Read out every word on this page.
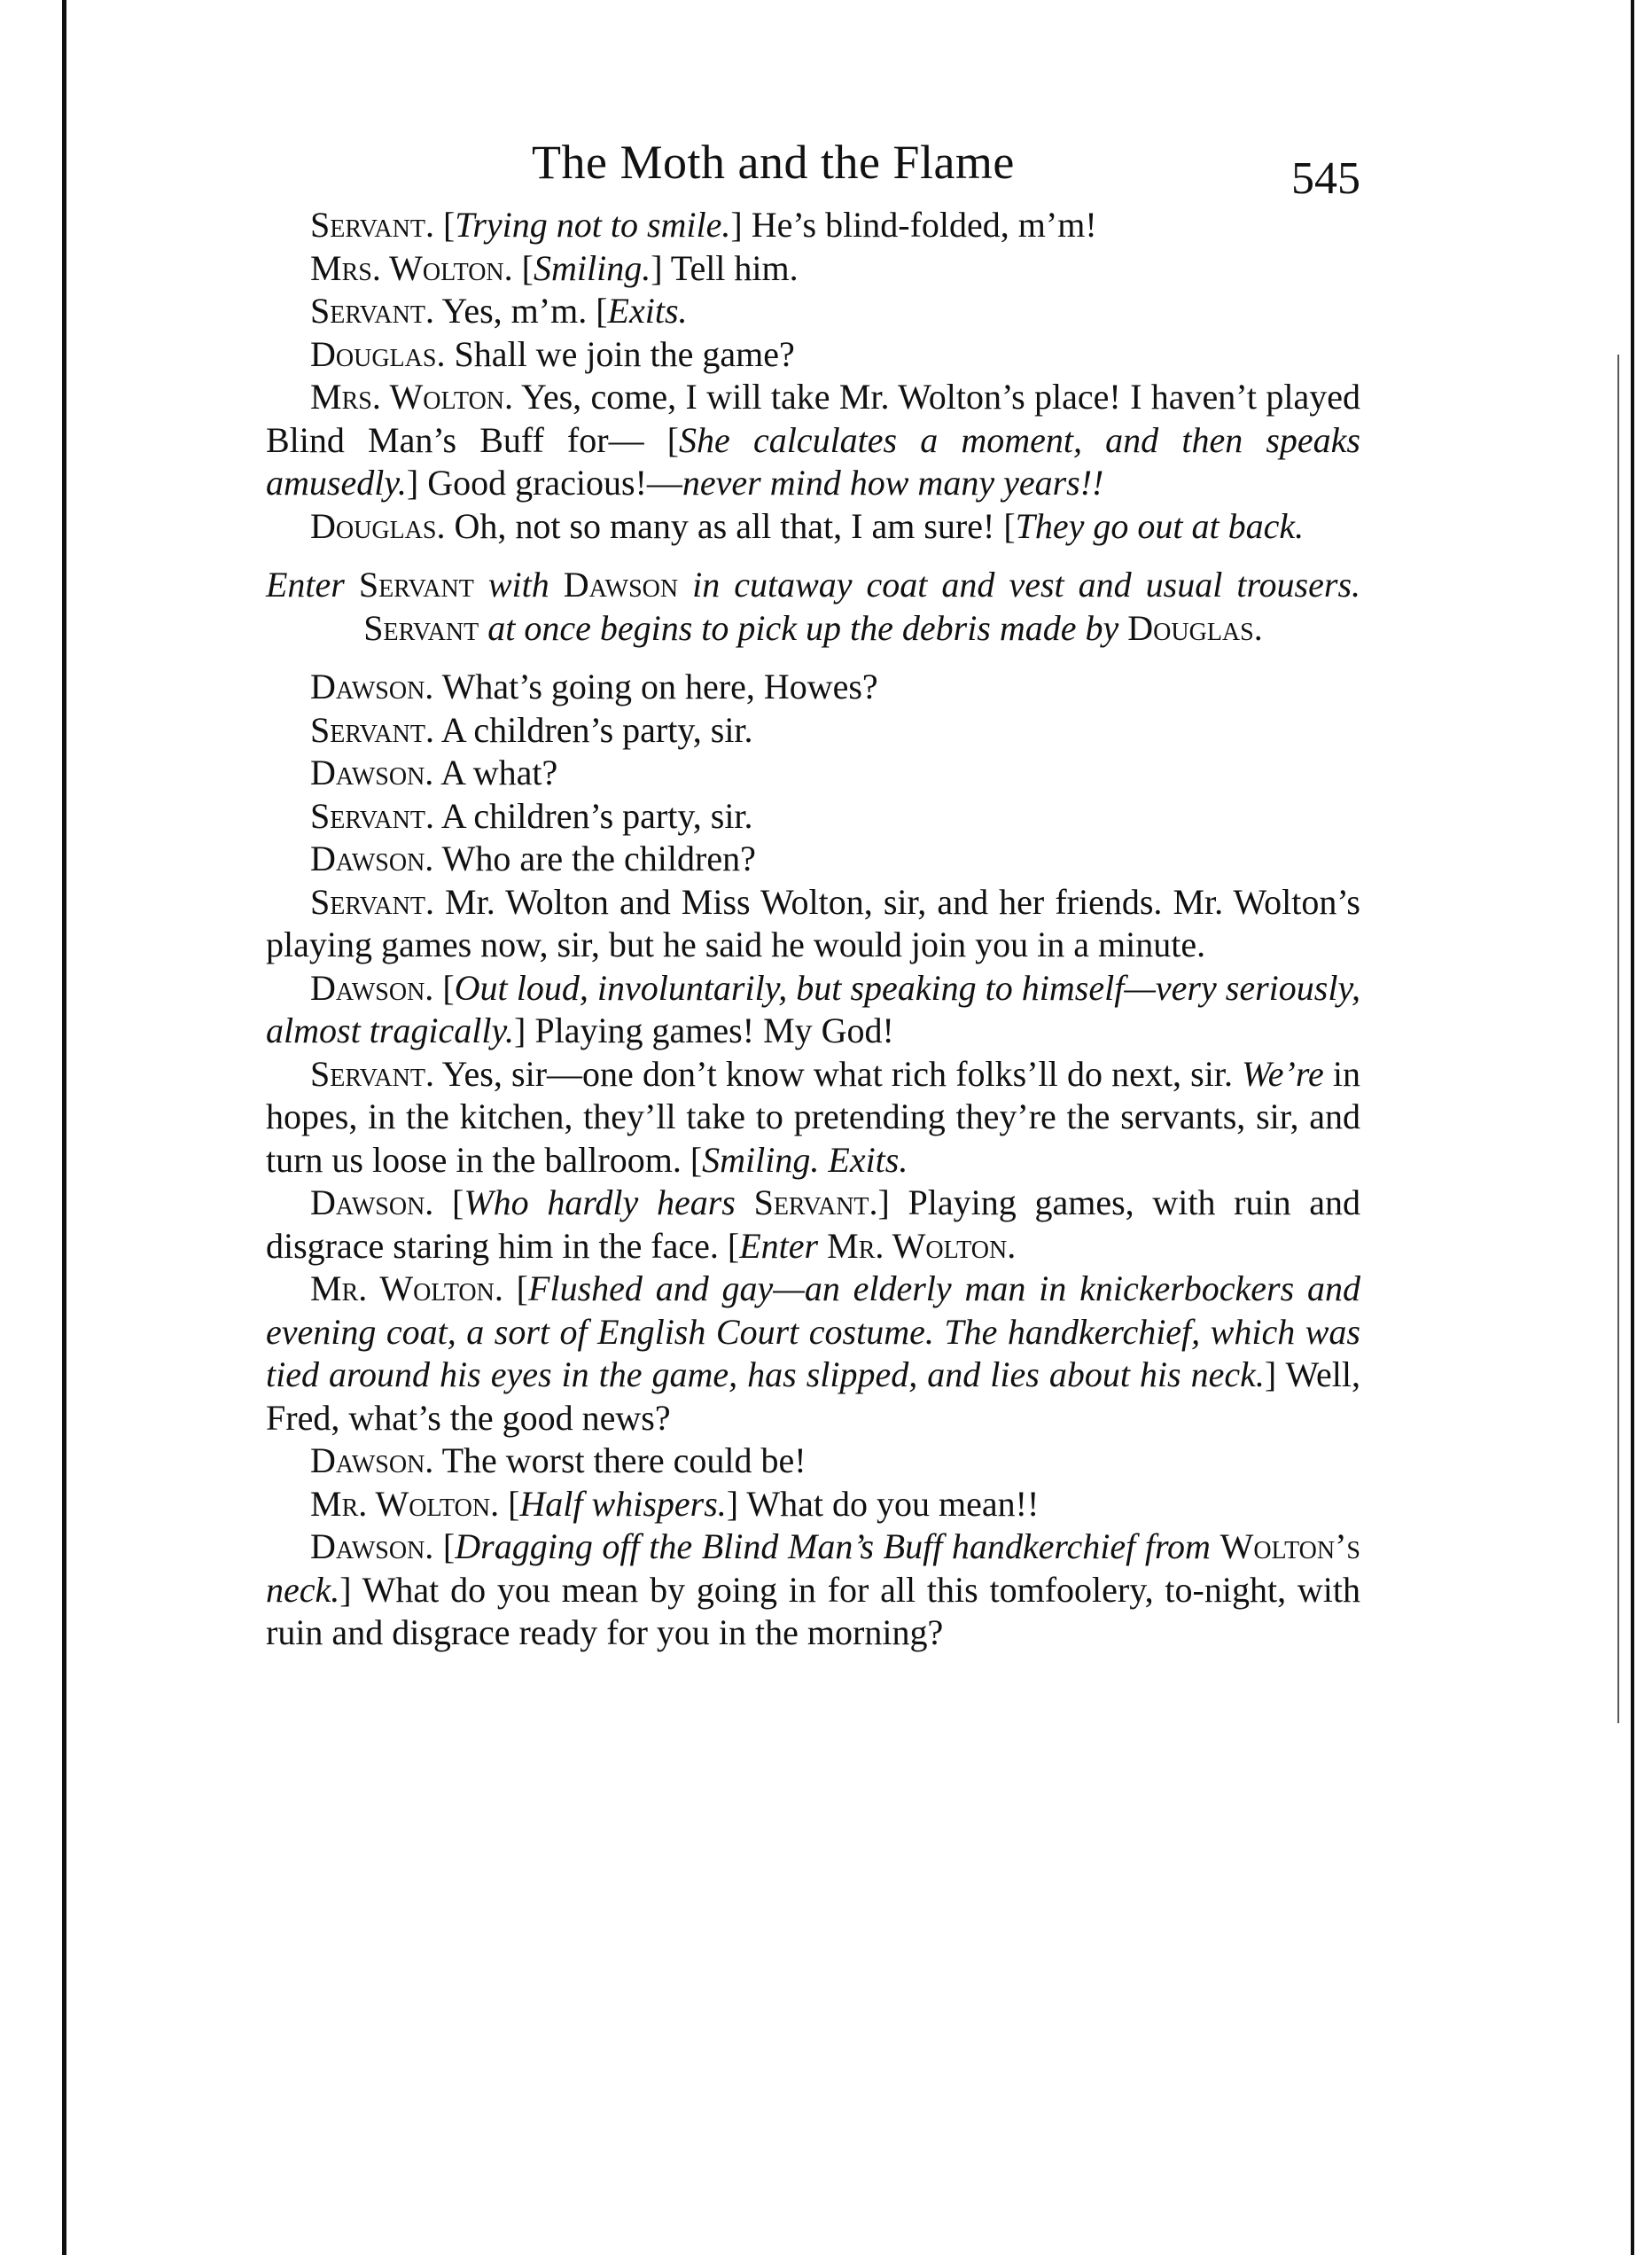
The Moth and the Flame	545

Servant. [Trying not to smile.] He’s blind-folded, m’m!

Mrs. Wolton. [Smiling.] Tell him.

Servant. Yes, m’m. [Exits.

Douglas. Shall we join the game?

Mrs. Wolton. Yes, come, I will take Mr. Wolton’s place! I haven’t played Blind Man’s Buff for— [She calculates a moment, and then speaks amusedly.] Good gracious!—never mind how many years!!

Douglas. Oh, not so many as all that, I am sure! [They go out at back.

Enter Servant with Dawson in cutaway coat and vest and usual trousers. Servant at once begins to pick up the debris made by Douglas.

Dawson. What’s going on here, Howes?

Servant. A children’s party, sir.

Dawson. A what?

Servant. A children’s party, sir.

Dawson. Who are the children?

Servant. Mr. Wolton and Miss Wolton, sir, and her friends. Mr. Wolton’s playing games now, sir, but he said he would join you in a minute.

Dawson. [Out loud, involuntarily, but speaking to himself—very seriously, almost tragically.] Playing games! My God!

Servant. Yes, sir—one don’t know what rich folks’ll do next, sir. We’re in hopes, in the kitchen, they’ll take to pretending they’re the servants, sir, and turn us loose in the ballroom. [Smiling. Exits.

Dawson. [Who hardly hears Servant.] Playing games, with ruin and disgrace staring him in the face. [Enter Mr. Wolton.

Mr. Wolton. [Flushed and gay—an elderly man in knickerbockers and evening coat, a sort of English Court costume. The handkerchief, which was tied around his eyes in the game, has slipped, and lies about his neck.] Well, Fred, what’s the good news?

Dawson. The worst there could be!

Mr. Wolton. [Half whispers.] What do you mean!!

Dawson. [Dragging off the Blind Man’s Buff handkerchief from Wolton’s neck.] What do you mean by going in for all this tomfoolery, to-night, with ruin and disgrace ready for you in the morning?
